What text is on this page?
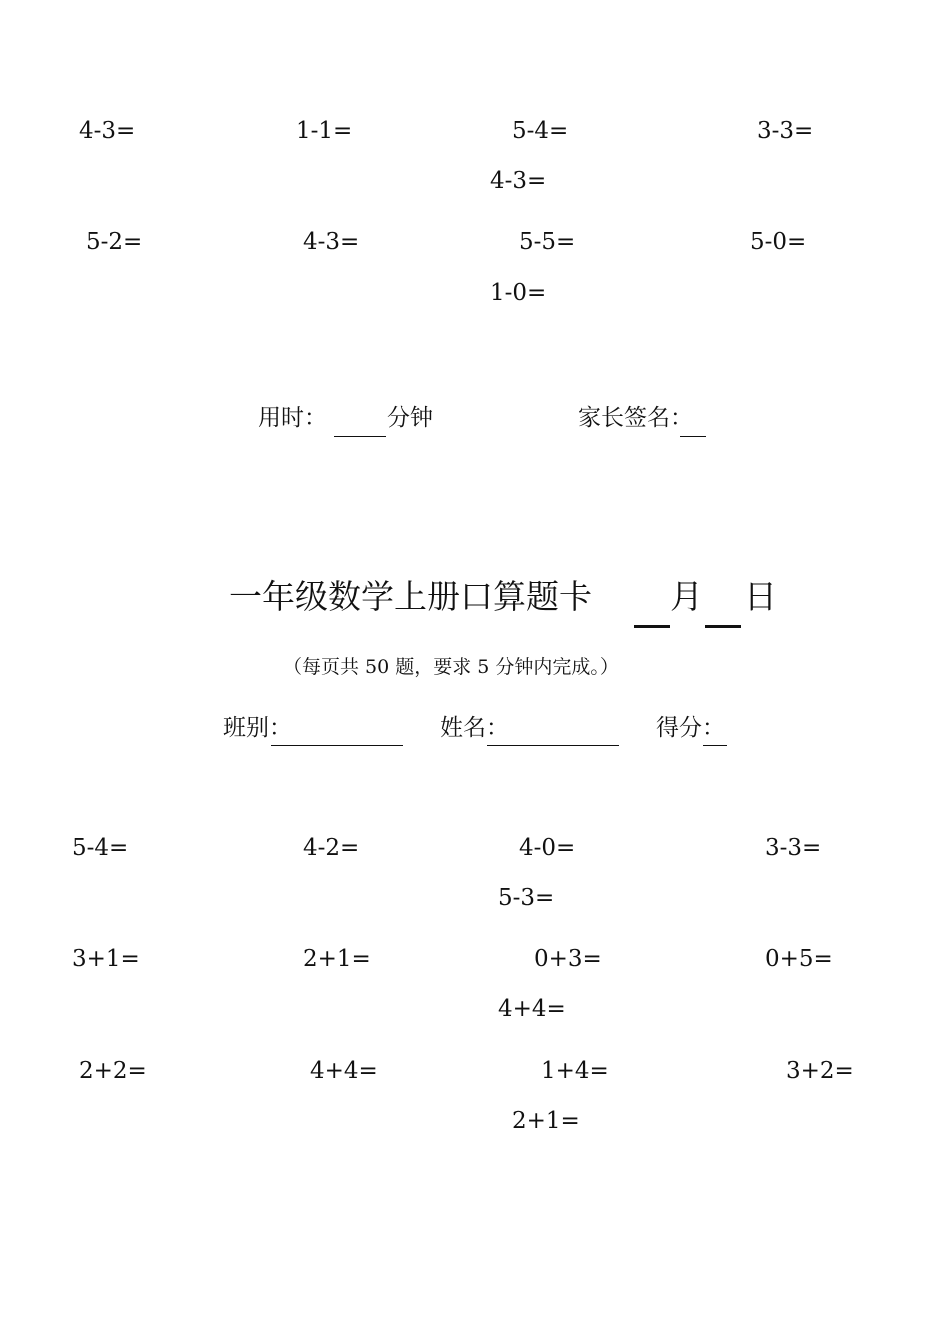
4-3=	1-1=	5-4=	3-3=
4-3=
5-2=	4-3=	5-5=	5-0=
1-0=
用时：	分钟	家长签名：
一年级数学上册口算题卡 月 日
（每页共 50 题，要求 5 分钟内完成。）
班别：	姓名：	得分：
5-4=	4-2=	4-0=	3-3=
5-3=
3+1=	2+1=	0+3=	0+5=
4+4=
2+2=	4+4=	1+4=	3+2=
2+1=
